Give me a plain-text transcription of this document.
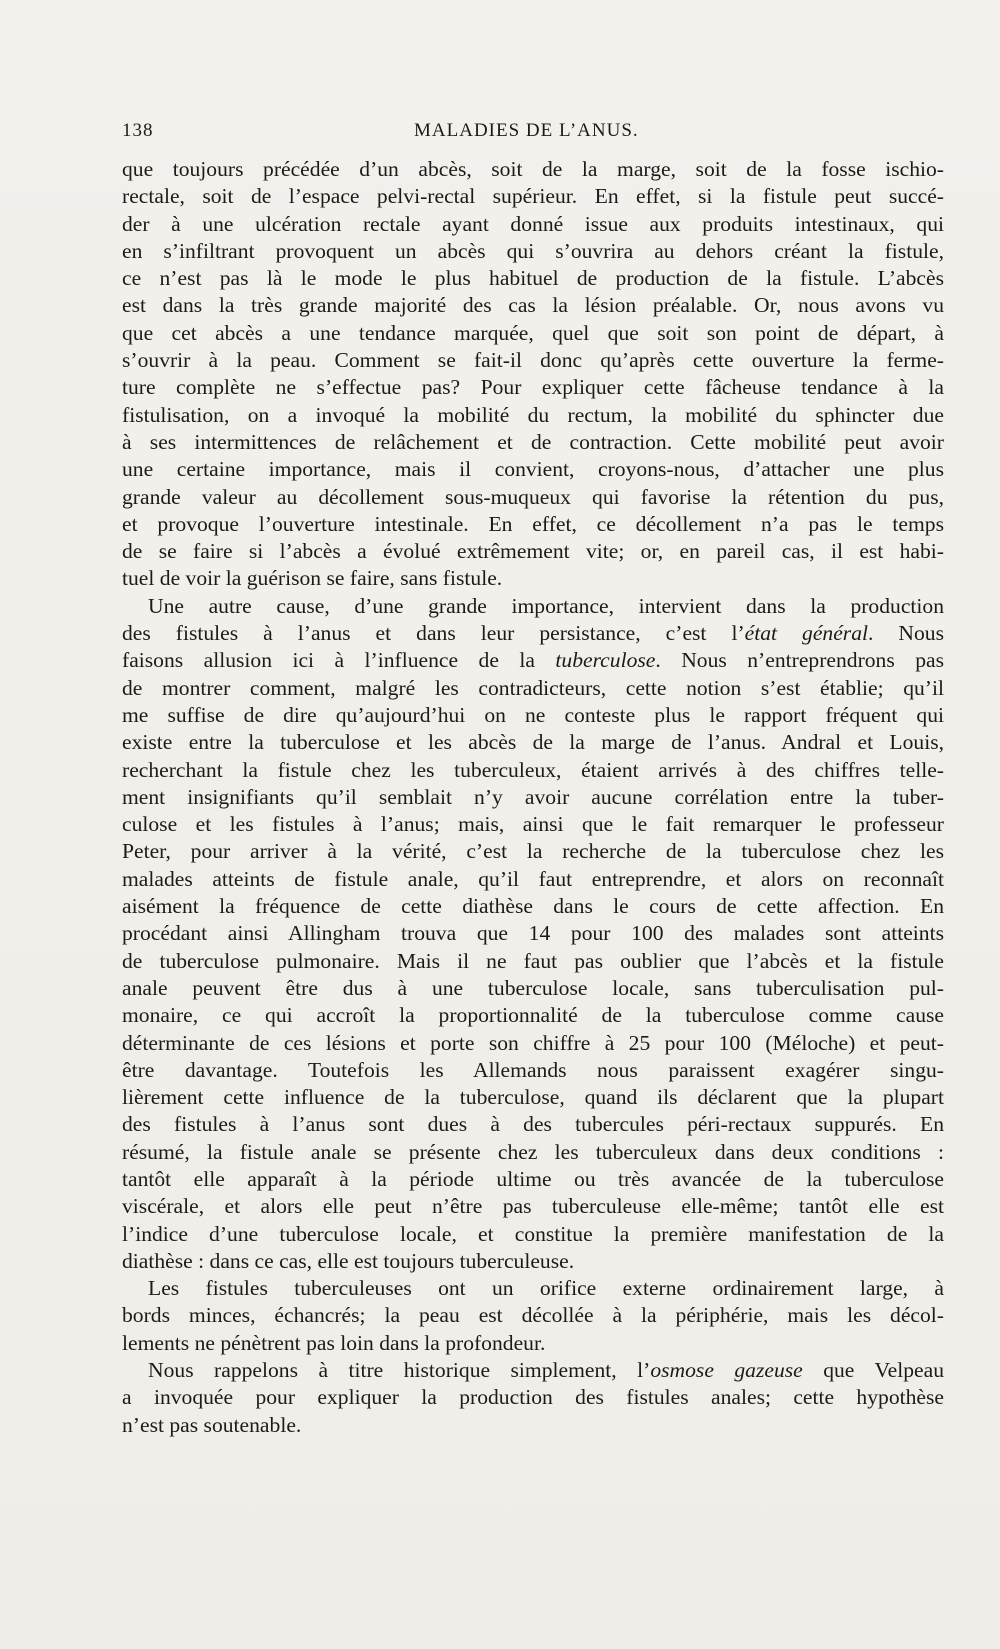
138	MALADIES DE L’ANUS.
que toujours précédée d’un abcès, soit de la marge, soit de la fosse ischio-
rectale, soit de l’espace pelvi-rectal supérieur. En effet, si la fistule peut succé-
der à une ulcération rectale ayant donné issue aux produits intestinaux, qui
en s’infiltrant provoquent un abcès qui s’ouvrira au dehors créant la fistule,
ce n’est pas là le mode le plus habituel de production de la fistule. L’abcès
est dans la très grande majorité des cas la lésion préalable. Or, nous avons vu
que cet abcès a une tendance marquée, quel que soit son point de départ, à
s’ouvrir à la peau. Comment se fait-il donc qu’après cette ouverture la ferme-
ture complète ne s’effectue pas? Pour expliquer cette fâcheuse tendance à la
fistulisation, on a invoqué la mobilité du rectum, la mobilité du sphincter due
à ses intermittences de relâchement et de contraction. Cette mobilité peut avoir
une certaine importance, mais il convient, croyons-nous, d’attacher une plus
grande valeur au décollement sous-muqueux qui favorise la rétention du pus,
et provoque l’ouverture intestinale. En effet, ce décollement n’a pas le temps
de se faire si l’abcès a évolué extrêmement vite; or, en pareil cas, il est habi-
tuel de voir la guérison se faire, sans fistule.
Une autre cause, d’une grande importance, intervient dans la production
des fistules à l’anus et dans leur persistance, c’est l’état général. Nous
faisons allusion ici à l’influence de la tuberculose. Nous n’entreprendrons pas
de montrer comment, malgré les contradicteurs, cette notion s’est établie; qu’il
me suffise de dire qu’aujourd’hui on ne conteste plus le rapport fréquent qui
existe entre la tuberculose et les abcès de la marge de l’anus. Andral et Louis,
recherchant la fistule chez les tuberculeux, étaient arrivés à des chiffres telle-
ment insignifiants qu’il semblait n’y avoir aucune corrélation entre la tuber-
culose et les fistules à l’anus; mais, ainsi que le fait remarquer le professeur
Peter, pour arriver à la vérité, c’est la recherche de la tuberculose chez les
malades atteints de fistule anale, qu’il faut entreprendre, et alors on reconnaît
aisément la fréquence de cette diathèse dans le cours de cette affection. En
procédant ainsi Allingham trouva que 14 pour 100 des malades sont atteints
de tuberculose pulmonaire. Mais il ne faut pas oublier que l’abcès et la fistule
anale peuvent être dus à une tuberculose locale, sans tuberculisation pul-
monaire, ce qui accroît la proportionnalité de la tuberculose comme cause
déterminante de ces lésions et porte son chiffre à 25 pour 100 (Méloche) et peut-
être davantage. Toutefois les Allemands nous paraissent exagérer singu-
lièrement cette influence de la tuberculose, quand ils déclarent que la plupart
des fistules à l’anus sont dues à des tubercules péri-rectaux suppurés. En
résumé, la fistule anale se présente chez les tuberculeux dans deux conditions :
tantôt elle apparaît à la période ultime ou très avancée de la tuberculose
viscérale, et alors elle peut n’être pas tuberculeuse elle-même; tantôt elle est
l’indice d’une tuberculose locale, et constitue la première manifestation de la
diathèse : dans ce cas, elle est toujours tuberculeuse.
Les fistules tuberculeuses ont un orifice externe ordinairement large, à
bords minces, échancrés; la peau est décollée à la périphérie, mais les décol-
lements ne pénètrent pas loin dans la profondeur.
Nous rappelons à titre historique simplement, l’osmose gazeuse que Velpeau
a invoquée pour expliquer la production des fistules anales; cette hypothèse
n’est pas soutenable.
